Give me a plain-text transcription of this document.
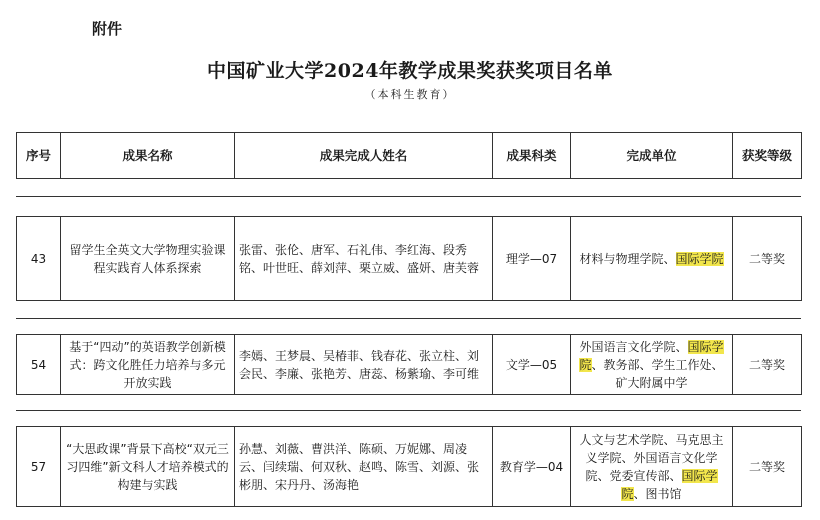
附件
中国矿业大学2024年教学成果奖获奖项目名单
（本科生教育）
序号	成果名称	成果完成人姓名	成果科类	完成单位	获奖等级
43	留学生全英文大学物理实验课程实践育人体系探索	张雷、张伦、唐军、石礼伟、李红海、段秀铭、叶世旺、薛刘萍、栗立威、盛妍、唐芙蓉	理学—07	材料与物理学院、国际学院	二等奖
54	基于“四动”的英语教学创新模式：跨文化胜任力培养与多元开放实践	李嫣、王梦晨、吴椿菲、钱春花、张立柱、刘会民、李廉、张艳芳、唐蕊、杨紫瑜、李可维	文学—05	外国语言文化学院、国际学院、教务部、学生工作处、矿大附属中学	二等奖
57	“大思政课”背景下高校“双元三习四维”新文科人才培养模式的构建与实践	孙慧、刘薇、曹洪洋、陈硕、万妮娜、周凌云、闫续瑞、何双秋、赵鸣、陈雪、刘源、张彬朋、宋丹丹、汤海艳	教育学—04	人文与艺术学院、马克思主义学院、外国语言文化学院、党委宣传部、国际学院、图书馆	二等奖
